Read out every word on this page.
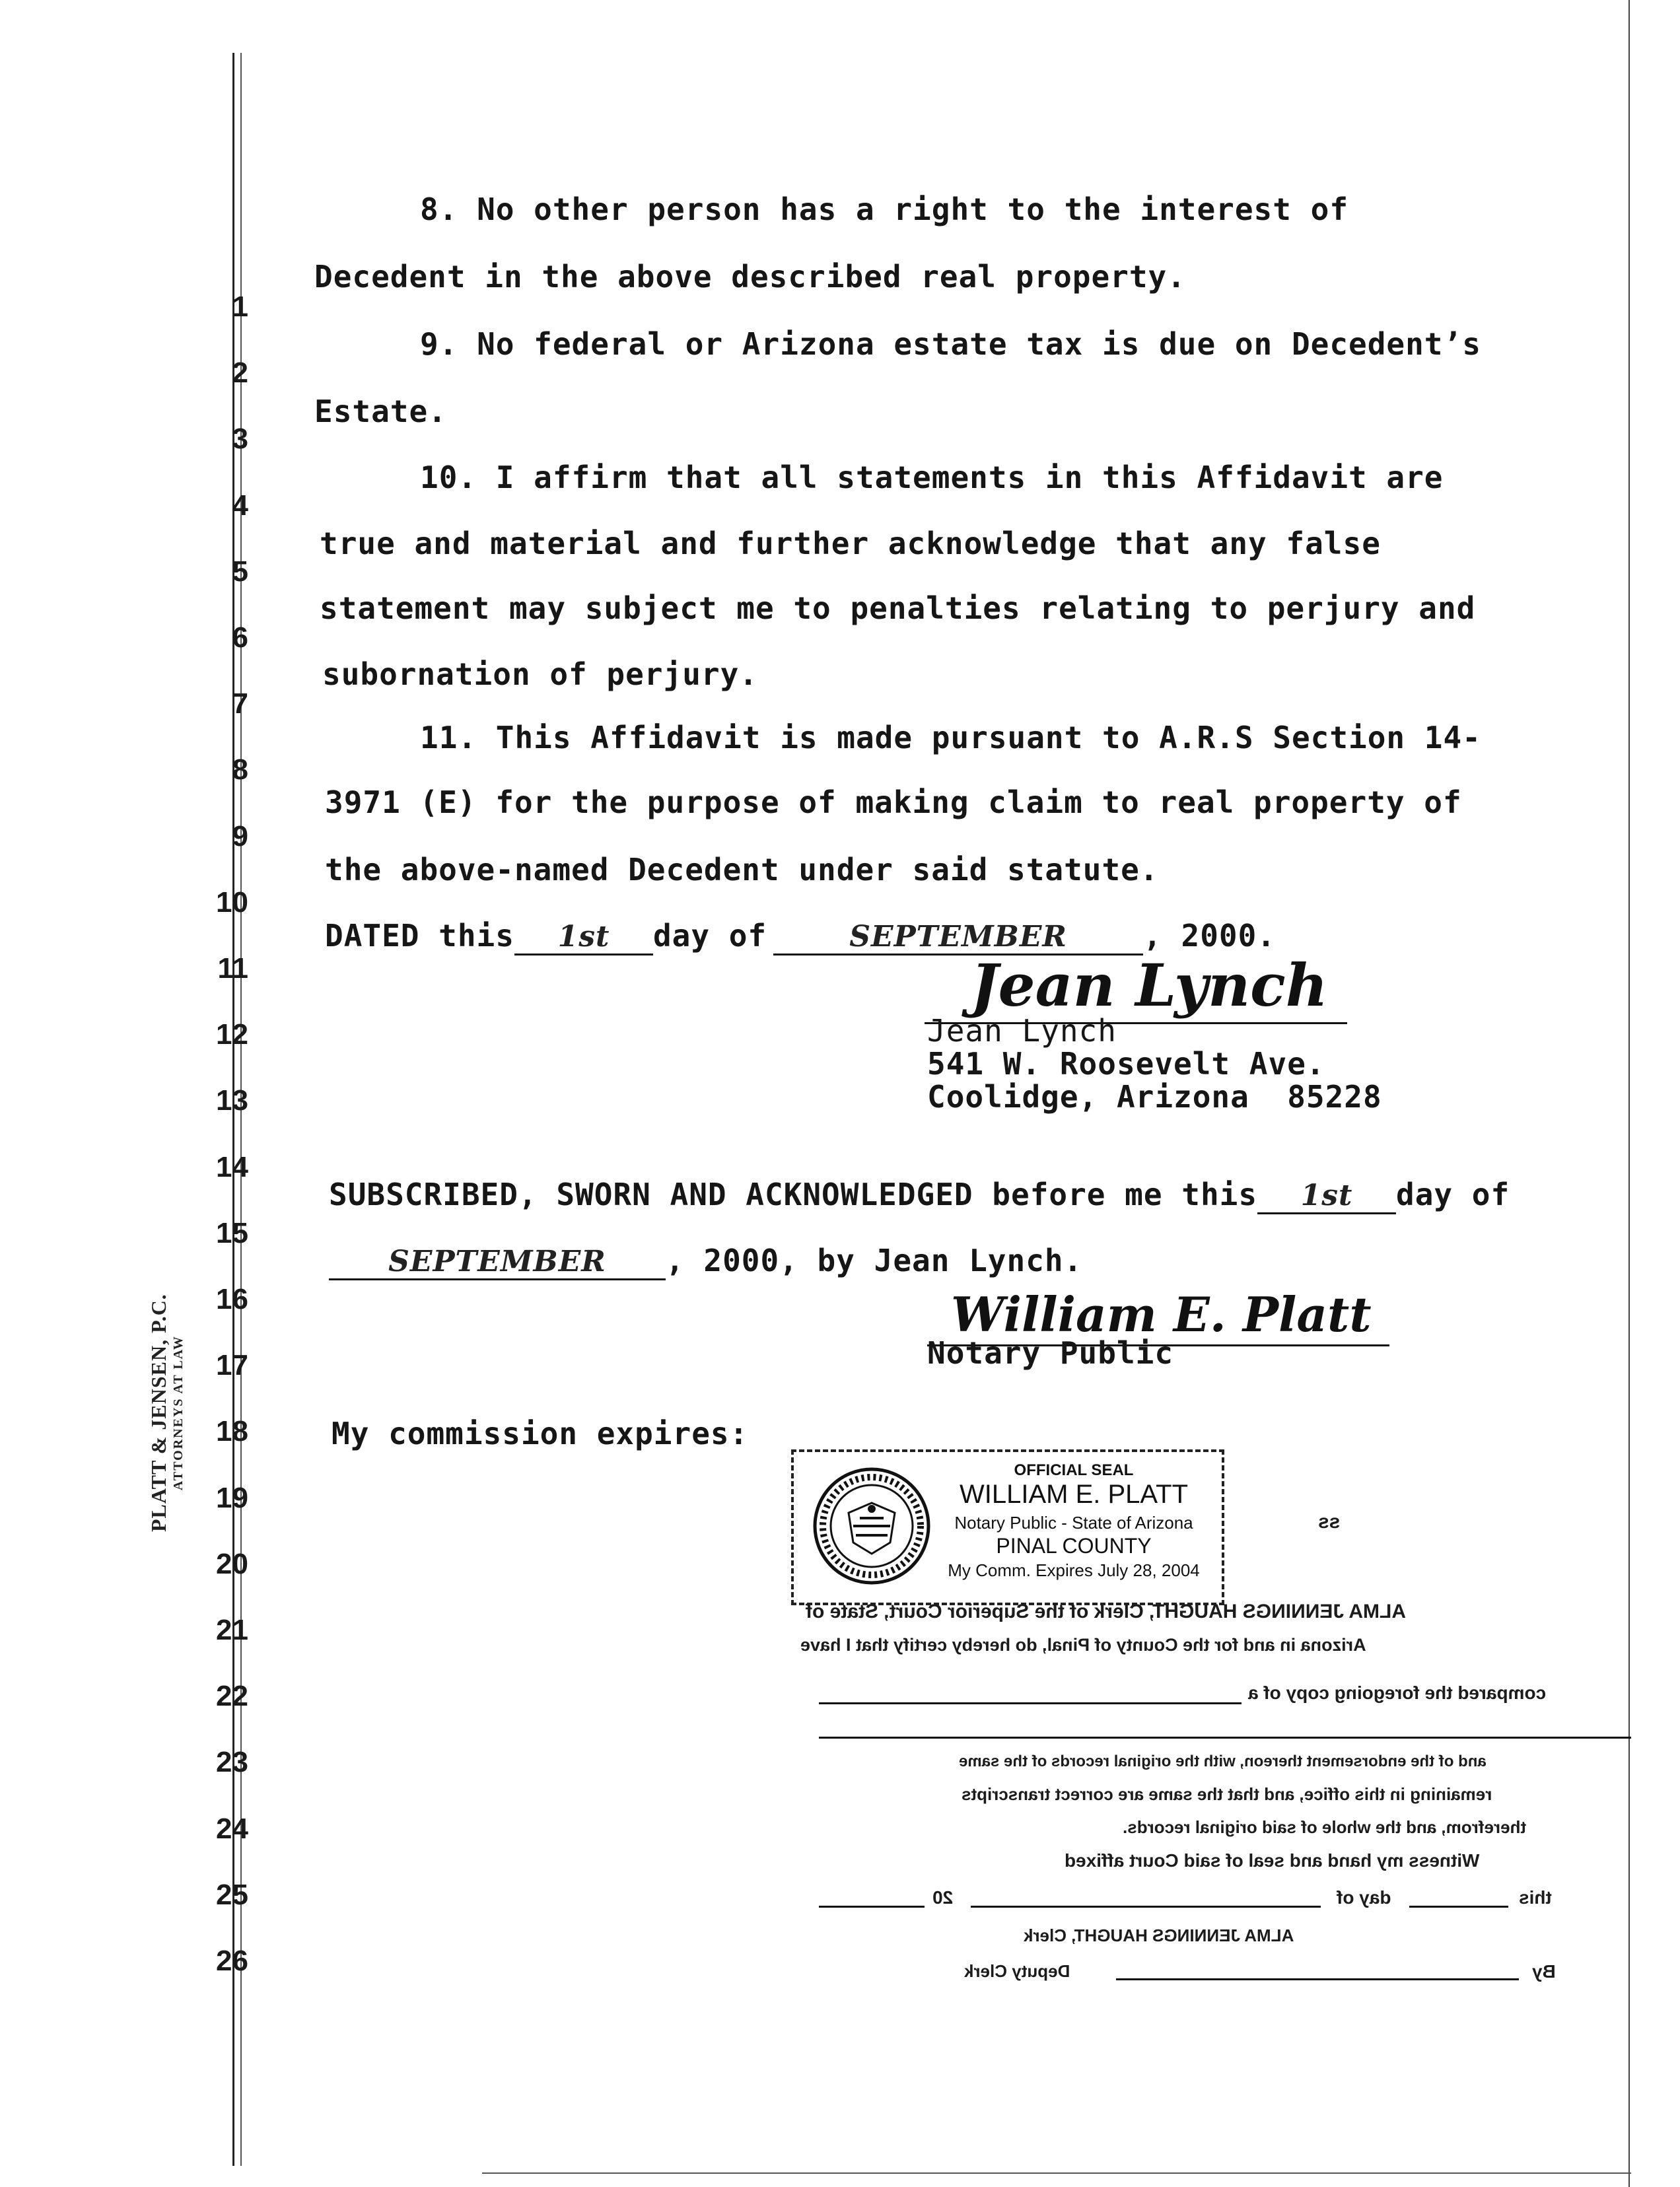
1
2
3
4
5
6
7
8
9
10
11
12
13
14
15
16
17
18
19
20
21
22
23
24
25
26
PLATT & JENSEN, P.C. ATTORNEYS AT LAW
8. No other person has a right to the interest of
Decedent in the above described real property.
9. No federal or Arizona estate tax is due on Decedent’s
Estate.
10. I affirm that all statements in this Affidavit are
true and material and further acknowledge that any false
statement may subject me to penalties relating to perjury and
subornation of perjury.
11. This Affidavit is made pursuant to A.R.S Section 14-
3971 (E) for the purpose of making claim to real property of
the above-named Decedent under said statute.
DATED this 1st day of	SEPTEMBER	, 2000.
Jean Lynch
Jean Lynch
541 W. Roosevelt Ave.
Coolidge, Arizona  85228
SUBSCRIBED, SWORN AND ACKNOWLEDGED before me this 1st day of
SEPTEMBER , 2000, by Jean Lynch.
William E. Platt
Notary Public
My commission expires:
OFFICIAL SEAL
WILLIAM E. PLATT
Notary Public - State of Arizona
PINAL COUNTY
My Comm. Expires July 28, 2004
ss
ALMA JENNINGS HAUGHT, Clerk of the Superior Court, State of
Arizona in and for the County of Pinal, do hereby certify that I have
compared the foregoing copy of a
and of the endorsement thereon, with the original records of the same
remaining in this office, and that the same are correct transcripts
therefrom, and the whole of said original records.
Witness my hand and seal of said Court affixed
this
day of
20
ALMA JENNINGS HAUGHT, Clerk
By
Deputy Clerk
